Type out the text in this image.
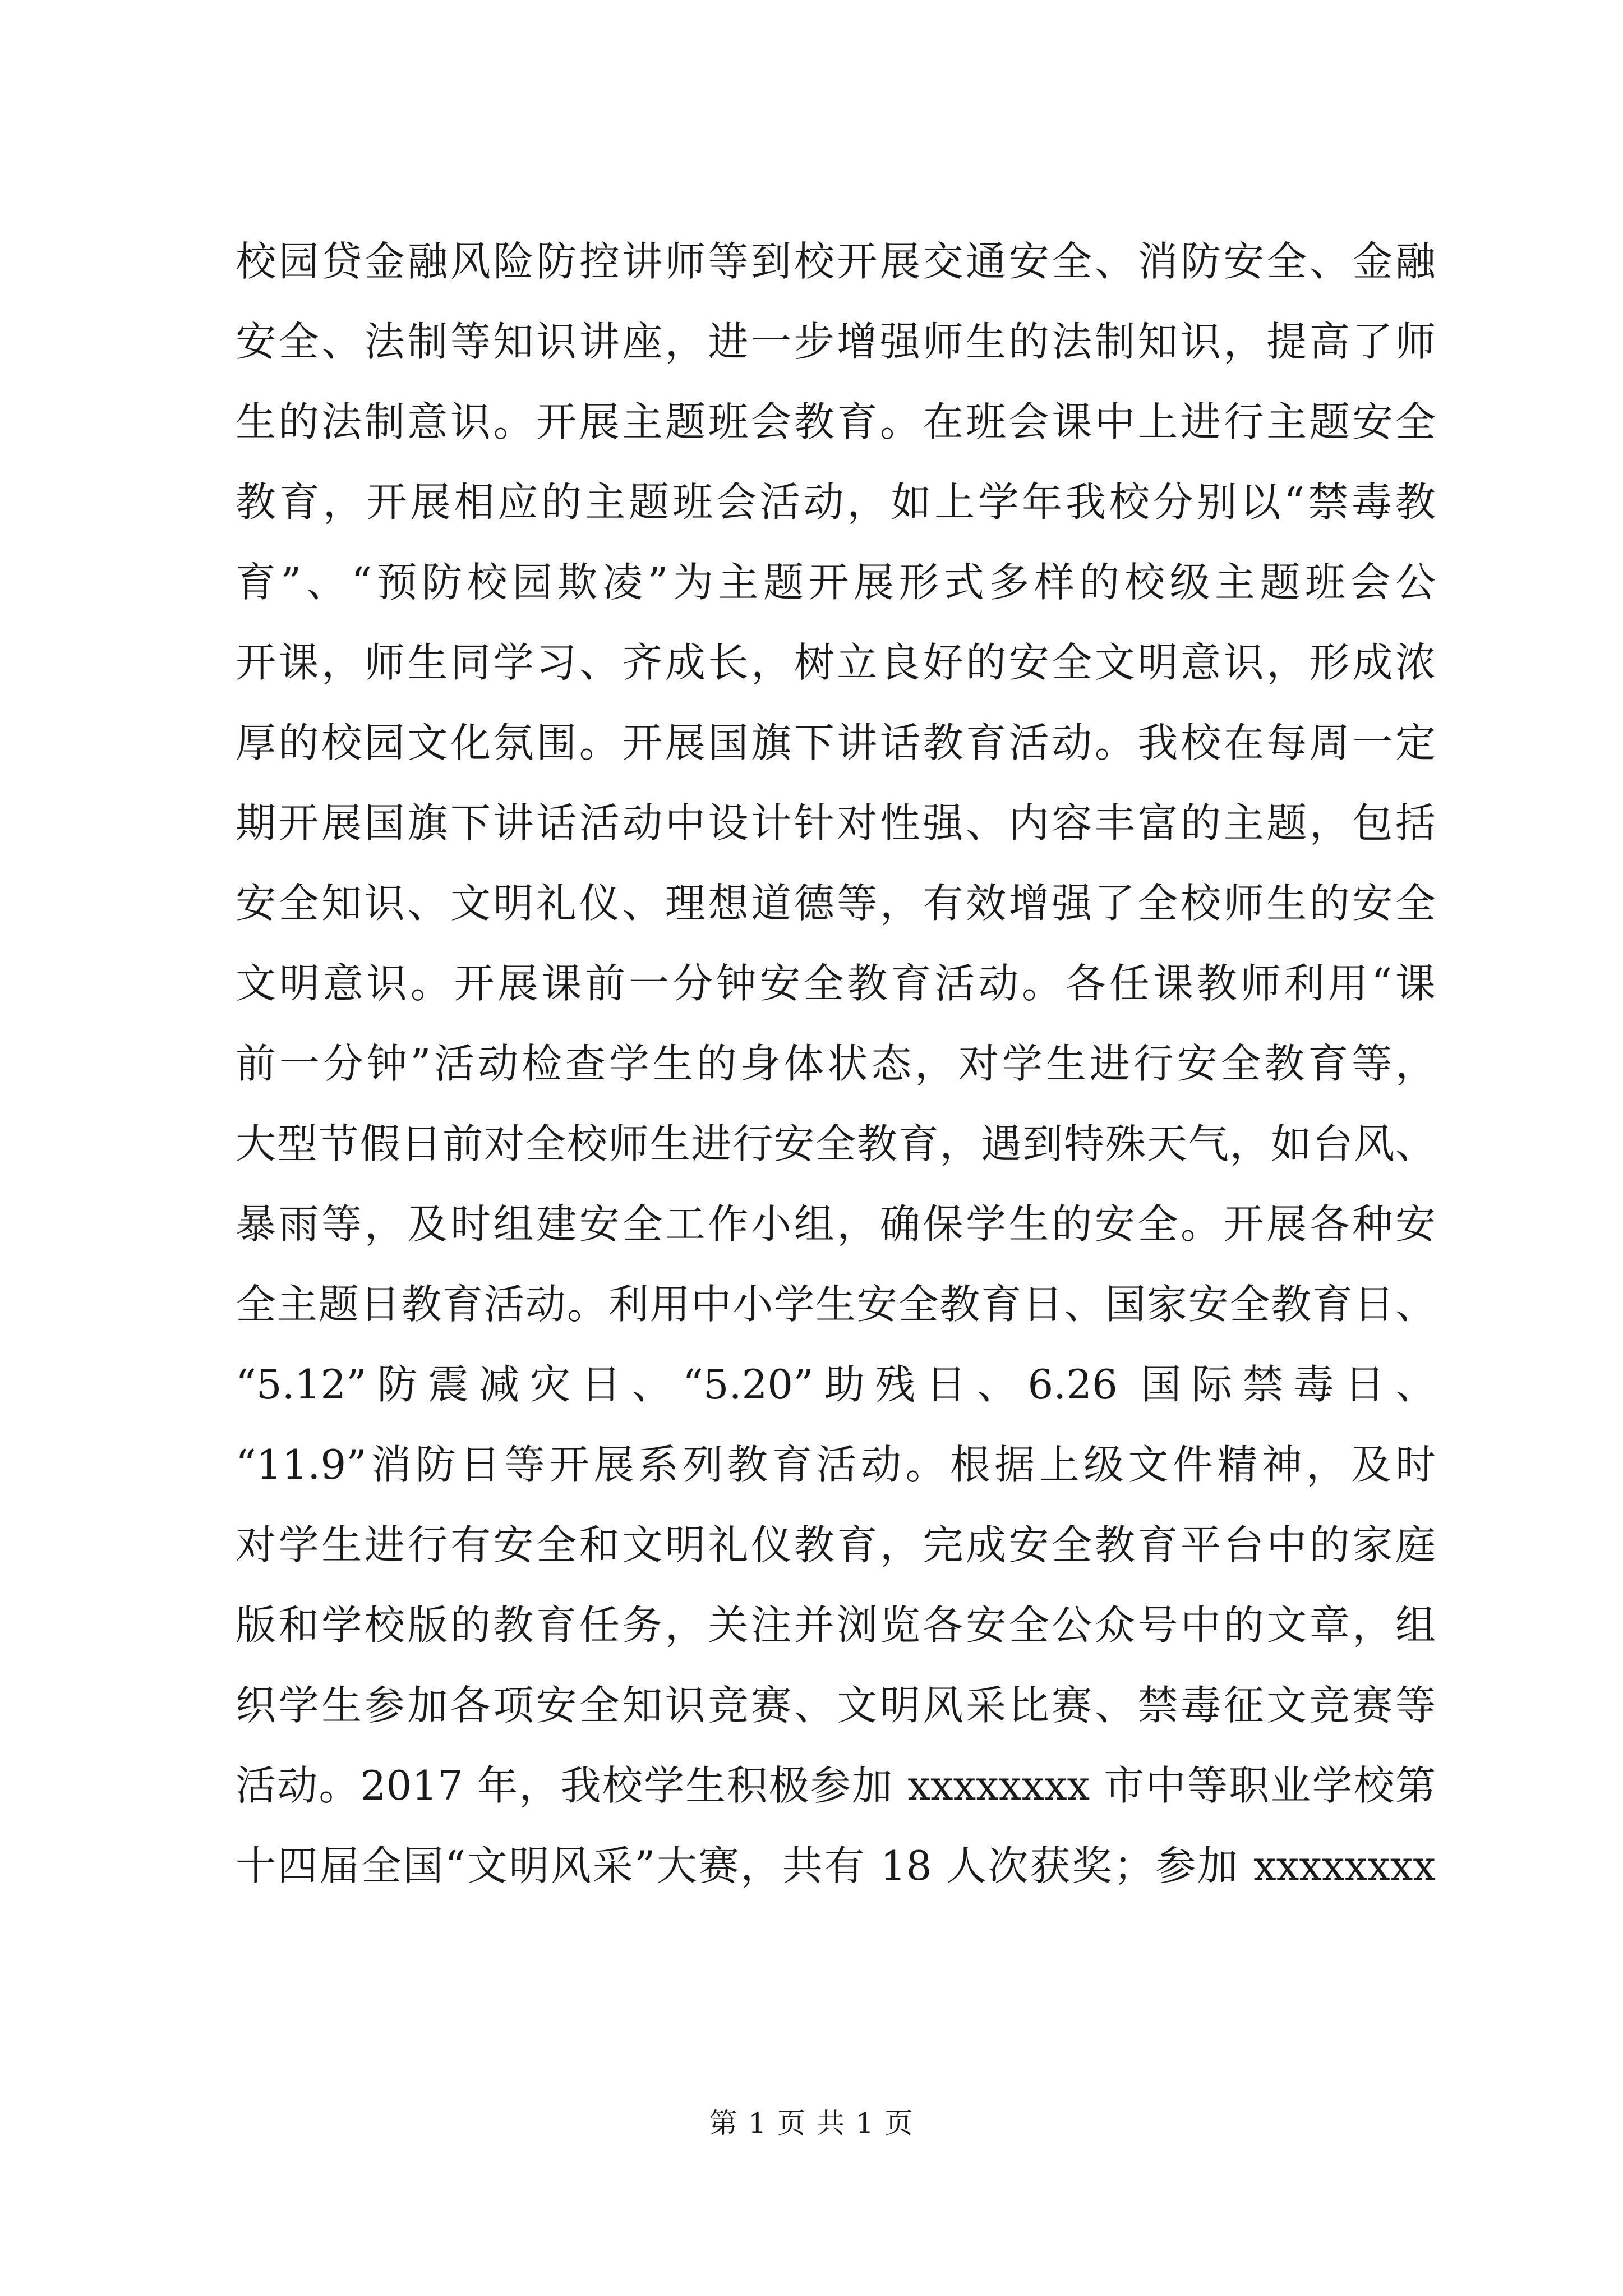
校园贷金融风险防控讲师等到校开展交通安全、消防安全、金融
安全、法制等知识讲座，进一步增强师生的法制知识，提高了师
生的法制意识。开展主题班会教育。在班会课中上进行主题安全
教育，开展相应的主题班会活动，如上学年我校分别以“禁毒教
育”、“预防校园欺凌”为主题开展形式多样的校级主题班会公
开课，师生同学习、齐成长，树立良好的安全文明意识，形成浓
厚的校园文化氛围。开展国旗下讲话教育活动。我校在每周一定
期开展国旗下讲话活动中设计针对性强、内容丰富的主题，包括
安全知识、文明礼仪、理想道德等，有效增强了全校师生的安全
文明意识。开展课前一分钟安全教育活动。各任课教师利用“课
前一分钟”活动检查学生的身体状态，对学生进行安全教育等，
大型节假日前对全校师生进行安全教育，遇到特殊天气，如台风、
暴雨等，及时组建安全工作小组，确保学生的安全。开展各种安
全主题日教育活动。利用中小学生安全教育日、国家安全教育日、
“5.12”防震减灾日、“5.20”助残日、6.26 国际禁毒日、
“11.9”消防日等开展系列教育活动。根据上级文件精神，及时
对学生进行有安全和文明礼仪教育，完成安全教育平台中的家庭
版和学校版的教育任务，关注并浏览各安全公众号中的文章，组
织学生参加各项安全知识竞赛、文明风采比赛、禁毒征文竞赛等
活动。2017 年，我校学生积极参加 xxxxxxxx 市中等职业学校第
十四届全国“文明风采”大赛，共有 18 人次获奖；参加 xxxxxxxx
第 1 页 共 1 页
